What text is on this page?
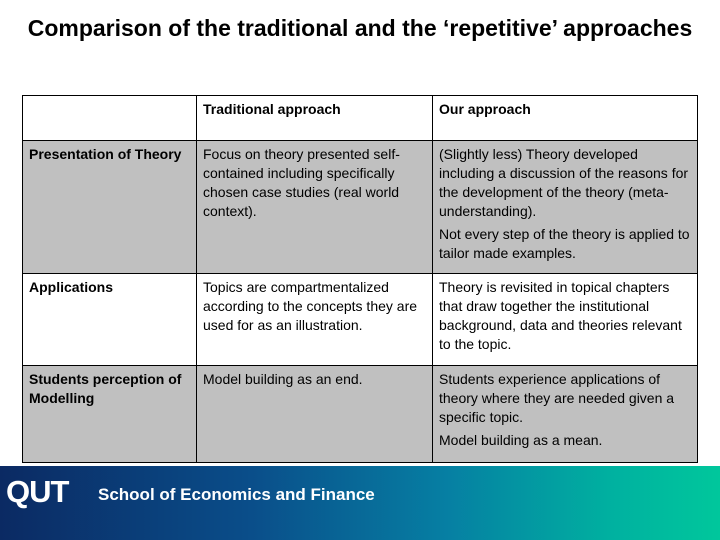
Comparison of the traditional and the ‘repetitive’ approaches
	Traditional approach	Our approach
Presentation of Theory	Focus on theory presented self-contained including specifically chosen case studies (real world context).	(Slightly less) Theory developed including a discussion of the reasons for the development of the theory (meta-understanding).

Not every step of the theory is applied to tailor made examples.

Applications	Topics are compartmentalized according to the concepts they are used for as an illustration.	Theory is revisited in topical chapters that draw together the institutional background, data and theories relevant to the topic.

Students perception of Modelling	Model building as an end.	Students experience applications of theory where they are needed given a specific topic.

Model building as a mean.

QUT School of Economics and Finance
